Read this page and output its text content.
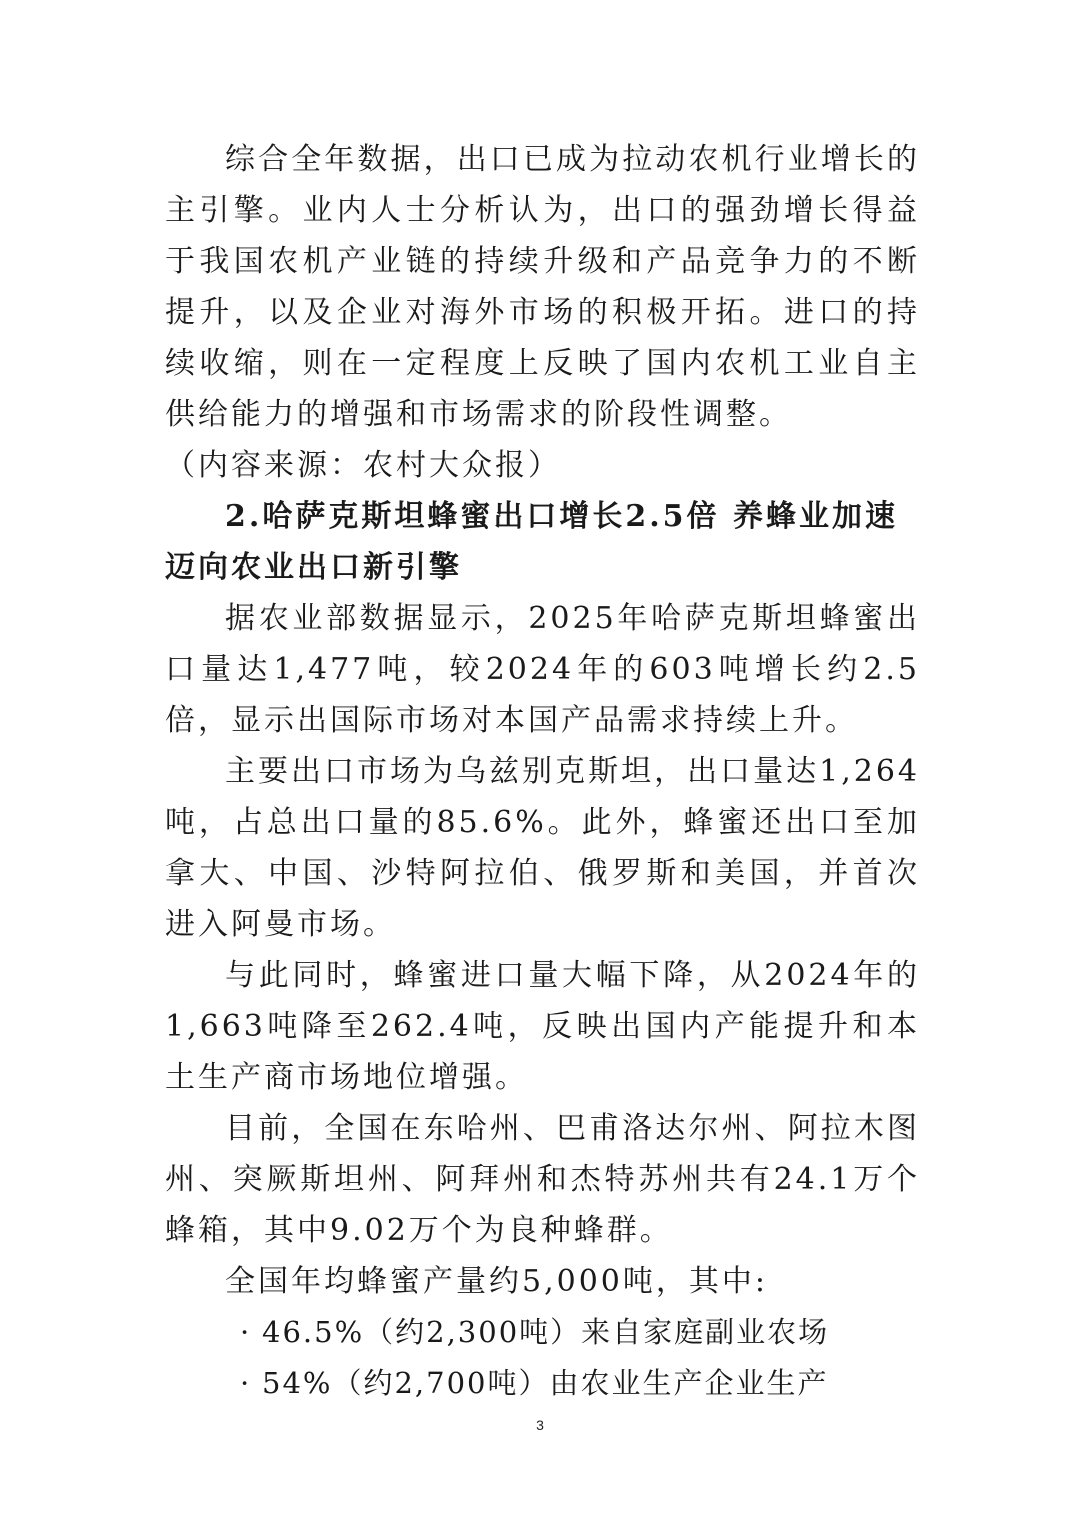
综合全年数据，出口已成为拉动农机行业增长的主引擎。业内人士分析认为，出口的强劲增长得益于我国农机产业链的持续升级和产品竞争力的不断提升，以及企业对海外市场的积极开拓。进口的持续收缩，则在一定程度上反映了国内农机工业自主供给能力的增强和市场需求的阶段性调整。

（内容来源：农村大众报）

2.哈萨克斯坦蜂蜜出口增长2.5倍 养蜂业加速迈向农业出口新引擎

据农业部数据显示，2025年哈萨克斯坦蜂蜜出口量达1,477吨，较2024年的603吨增长约2.5倍，显示出国际市场对本国产品需求持续上升。

主要出口市场为乌兹别克斯坦，出口量达1,264吨，占总出口量的85.6%。此外，蜂蜜还出口至加拿大、中国、沙特阿拉伯、俄罗斯和美国，并首次进入阿曼市场。

与此同时，蜂蜜进口量大幅下降，从2024年的1,663吨降至262.4吨，反映出国内产能提升和本土生产商市场地位增强。

目前，全国在东哈州、巴甫洛达尔州、阿拉木图州、突厥斯坦州、阿拜州和杰特苏州共有24.1万个蜂箱，其中9.02万个为良种蜂群。

全国年均蜂蜜产量约5,000吨，其中:

· 46.5%（约2,300吨）来自家庭副业农场
· 54%（约2,700吨）由农业生产企业生产
3
